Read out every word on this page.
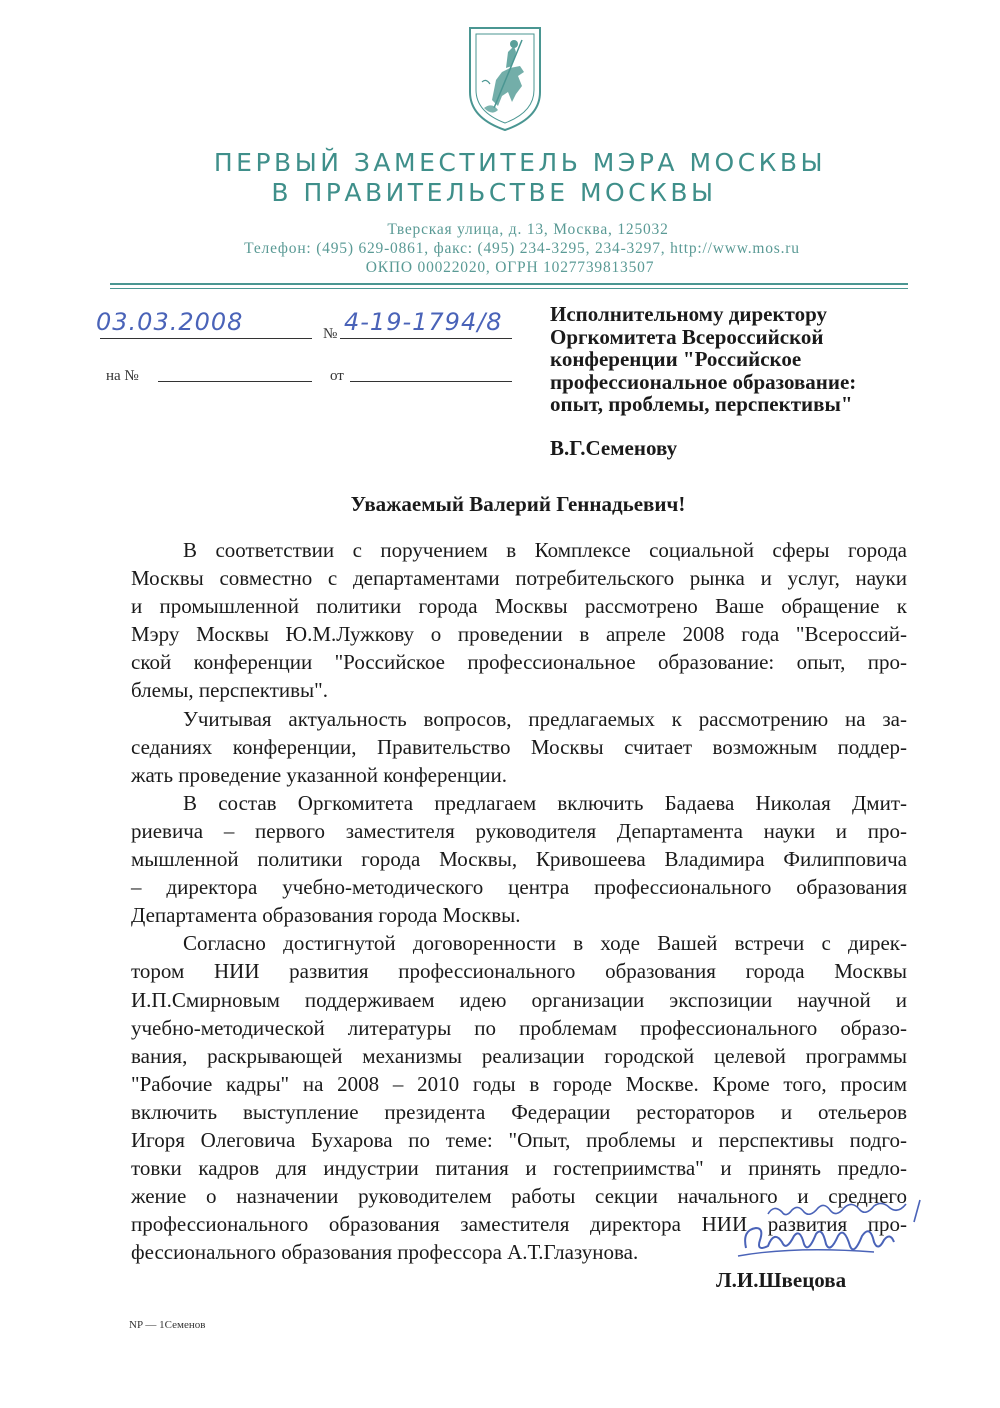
ПЕРВЫЙ ЗАМЕСТИТЕЛЬ МЭРА МОСКВЫ
В ПРАВИТЕЛЬСТВЕ МОСКВЫ
Тверская улица, д. 13, Москва, 125032
Телефон: (495) 629-0861, факс: (495) 234-3295, 234-3297, http://www.mos.ru
ОКПО 00022020, ОГРН 1027739813507
03.03.2008	№ 4-19-1794/8
на №	от
Исполнительному директору
Оргкомитета Всероссийской
конференции "Российское
профессиональное образование:
опыт, проблемы, перспективы"
В.Г.Семенову
Уважаемый Валерий Геннадьевич!
В соответствии с поручением в Комплексе социальной сферы города
Москвы совместно с департаментами потребительского рынка и услуг, науки
и промышленной политики города Москвы рассмотрено Ваше обращение к
Мэру Москвы Ю.М.Лужкову о проведении в апреле 2008 года "Всероссий-
ской конференции "Российское профессиональное образование: опыт, про-
блемы, перспективы".
Учитывая актуальность вопросов, предлагаемых к рассмотрению на за-
седаниях конференции, Правительство Москвы считает возможным поддер-
жать проведение указанной конференции.
В состав Оргкомитета предлагаем включить Бадаева Николая Дмит-
риевича – первого заместителя руководителя Департамента науки и про-
мышленной политики города Москвы, Кривошеева Владимира Филипповича
– директора учебно-методического центра профессионального образования
Департамента образования города Москвы.
Согласно достигнутой договоренности в ходе Вашей встречи с дирек-
тором НИИ развития профессионального образования города Москвы
И.П.Смирновым поддерживаем идею организации экспозиции научной и
учебно-методической литературы по проблемам профессионального образо-
вания, раскрывающей механизмы реализации городской целевой программы
"Рабочие кадры" на 2008 – 2010 годы в городе Москве. Кроме того, просим
включить выступление президента Федерации рестораторов и отельеров
Игоря Олеговича Бухарова по теме: "Опыт, проблемы и перспективы подго-
товки кадров для индустрии питания и гостеприимства" и принять предло-
жение о назначении руководителем работы секции начального и среднего
профессионального образования заместителя директора НИИ развития про-
фессионального образования профессора А.Т.Глазунова.
Л.И.Швецова
NP — 1Семенов
